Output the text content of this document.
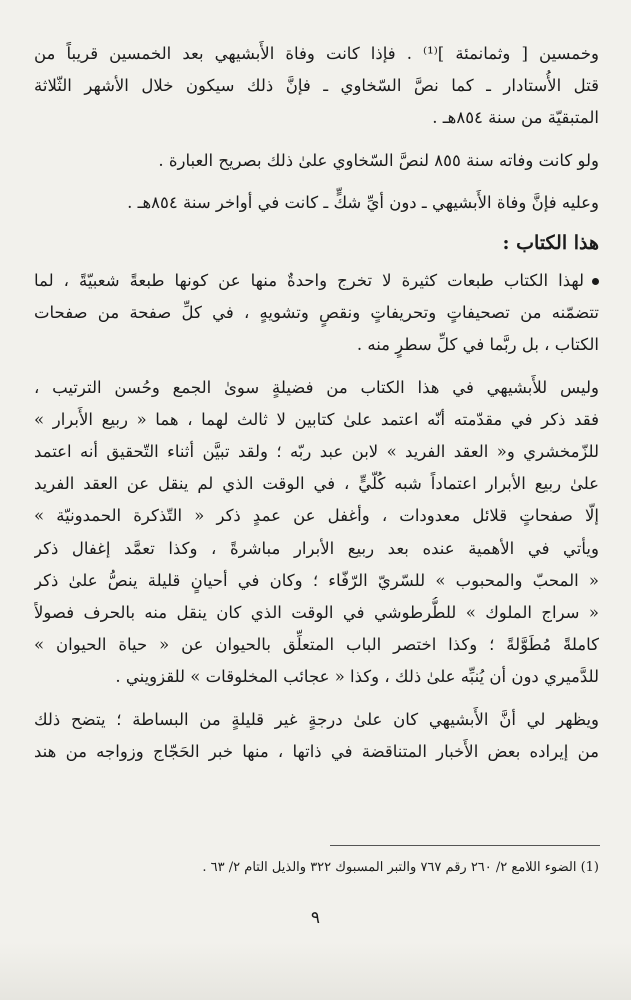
وخمسين [ وثمانمئة ]⁽¹⁾ . فإذا كانت وفاة الأَبشيهي بعد الخمسين قريباً من
قتل الأُستادار ـ كما نصَّ السّخاوي ـ فإنَّ ذلك سيكون خلال الأشهر الثّلاثة
المتبقيّة من سنة ٨٥٤هـ .
ولو كانت وفاته سنة ٨٥٥ لنصَّ السّخاوي علىٰ ذلك بصريح العبارة .
وعليه فإنَّ وفاة الأَبشيهي ـ دون أيِّ شكٍّ ـ كانت في أواخر سنة ٨٥٤هـ .
هذا الكتاب :
لهذا الكتاب طبعات كثيرة لا تخرج واحدةٌ منها عن كونها طبعةً شعبيّةً ، لما
تتضمّنه من تصحيفاتٍ وتحريفاتٍ ونقصٍ وتشويهٍ ، في كلِّ صفحة من صفحات
الكتاب ، بل ربَّما في كلِّ سطرٍ منه .
وليس للأَبشيهي في هذا الكتاب من فضيلةٍ سوىٰ الجمع وحُسن الترتيب ،
فقد ذكر في مقدّمته أنّه اعتمد علىٰ كتابين لا ثالث لهما ، هما « ربيع الأَبرار »
للزّمخشري و« العقد الفريد » لابن عبد ربّه ؛ ولقد تبيَّن أثناء التّحقيق أنه اعتمد
علىٰ ربيع الأبرار اعتماداً شبه كُلّيٍّ ، في الوقت الذي لم ينقل عن العقد الفريد
إلّا صفحاتٍ قلائل معدودات ، وأغفل عن عمدٍ ذكر « التّذكرة الحمدونيّة »
ويأتي في الأهمية عنده بعد ربيع الأبرار مباشرةً ، وكذا تعمَّد إغفال ذكر
« المحبّ والمحبوب » للسّريّ الرّفّاء ؛ وكان في أحيانٍ قليلة ينصُّ علىٰ ذكر
« سراج الملوك » للطُّرطوشي في الوقت الذي كان ينقل منه بالحرف فصولاً
كاملةً مُطَوَّلةً ؛ وكذا اختصر الباب المتعلِّق بالحيوان عن « حياة الحيوان »
للدَّميري دون أن يُنبِّه علىٰ ذلك ، وكذا « عجائب المخلوقات » للقزويني .
ويظهر لي أنَّ الأَبشيهي كان علىٰ درجةٍ غير قليلةٍ من البساطة ؛ يتضح ذلك
من إيراده بعض الأَخبار المتناقضة في ذاتها ، منها خبر الحَجّاج وزواجه من هند
(1) الضوء اللامع ٢/ ٢٦٠ رقم ٧٦٧ والتبر المسبوك ٣٢٢ والذيل التام ٢/ ٦٣ .
٩
